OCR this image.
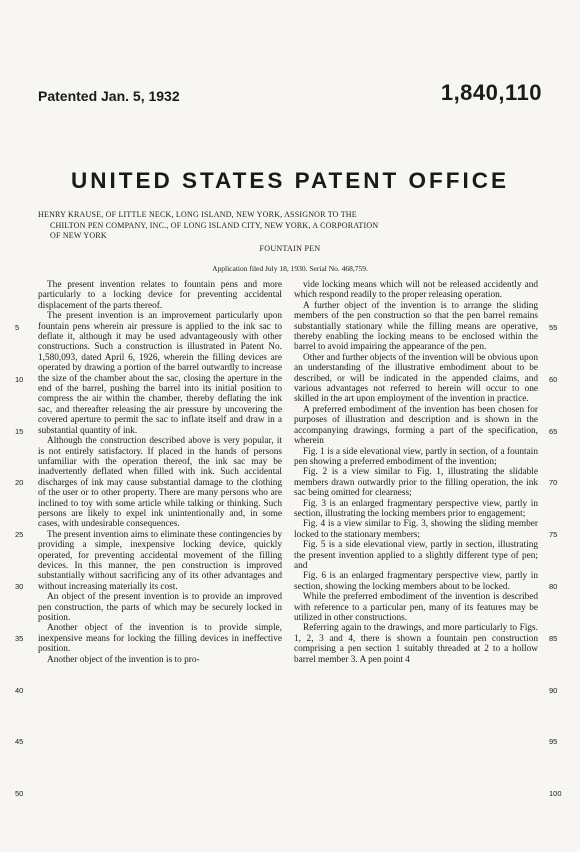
Patented Jan. 5, 1932	1,840,110
UNITED STATES PATENT OFFICE
HENRY KRAUSE, OF LITTLE NECK, LONG ISLAND, NEW YORK, ASSIGNOR TO THE
CHILTON PEN COMPANY, INC., OF LONG ISLAND CITY, NEW YORK, A CORPORATION
OF NEW YORK
FOUNTAIN PEN
Application filed July 18, 1930. Serial No. 468,759.

The present invention relates to fountain pens and more particularly to a locking device for preventing accidental displacement of the parts thereof.

The present invention is an improvement particularly upon fountain pens wherein air pressure is applied to the ink sac to deflate it, although it may be used advantageously with other constructions. Such a construction is illustrated in Patent No. 1,580,093, dated April 6, 1926, wherein the filling devices are operated by drawing a portion of the barrel outwardly to increase the size of the chamber about the sac, closing the aperture in the end of the barrel, pushing the barrel into its initial position to compress the air within the chamber, thereby deflating the ink sac, and thereafter releasing the air pressure by uncovering the covered aperture to permit the sac to inflate itself and draw in a substantial quantity of ink.

Although the construction described above is very popular, it is not entirely satisfactory. If placed in the hands of persons unfamiliar with the operation thereof, the ink sac may be inadvertently deflated when filled with ink. Such accidental discharges of ink may cause substantial damage to the clothing of the user or to other property. There are many persons who are inclined to toy with some article while talking or thinking. Such persons are likely to expel ink unintentionally and, in some cases, with undesirable consequences.

The present invention aims to eliminate these contingencies by providing a simple, inexpensive locking device, quickly operated, for preventing accidental movement of the filling devices. In this manner, the pen construction is improved substantially without sacrificing any of its other advantages and without increasing materially its cost.

An object of the present invention is to provide an improved pen construction, the parts of which may be securely locked in position.

Another object of the invention is to provide simple, inexpensive means for locking the filling devices in ineffective position.

Another object of the invention is to pro-

vide locking means which will not be released accidently and which respond readily to the proper releasing operation.

A further object of the invention is to arrange the sliding members of the pen construction so that the pen barrel remains substantially stationary while the filling means are operative, thereby enabling the locking means to be enclosed within the barrel to avoid impairing the appearance of the pen.

Other and further objects of the invention will be obvious upon an understanding of the illustrative embodiment about to be described, or will be indicated in the appended claims, and various advantages not referred to herein will occur to one skilled in the art upon employment of the invention in practice.

A preferred embodiment of the invention has been chosen for purposes of illustration and description and is shown in the accompanying drawings, forming a part of the specification, wherein

Fig. 1 is a side elevational view, partly in section, of a fountain pen showing a preferred embodiment of the invention;

Fig. 2 is a view similar to Fig. 1, illustrating the slidable members drawn outwardly prior to the filling operation, the ink sac being omitted for clearness;

Fig. 3 is an enlarged fragmentary perspective view, partly in section, illustrating the locking members prior to engagement;

Fig. 4 is a view similar to Fig. 3, showing the sliding member locked to the stationary members;

Fig. 5 is a side elevational view, partly in section, illustrating the present invention applied to a slightly different type of pen; and

Fig. 6 is an enlarged fragmentary perspective view, partly in section, showing the locking members about to be locked.

While the preferred embodiment of the invention is described with reference to a particular pen, many of its features may be utilized in other constructions.

Referring again to the drawings, and more particularly to Figs. 1, 2, 3 and 4, there is shown a fountain pen construction comprising a pen section 1 suitably threaded at 2 to a hollow barrel member 3. A pen point 4

5
10
15
20
25
30
35
40
45
50
55
60
65
70
75
80
85
90
95
100
